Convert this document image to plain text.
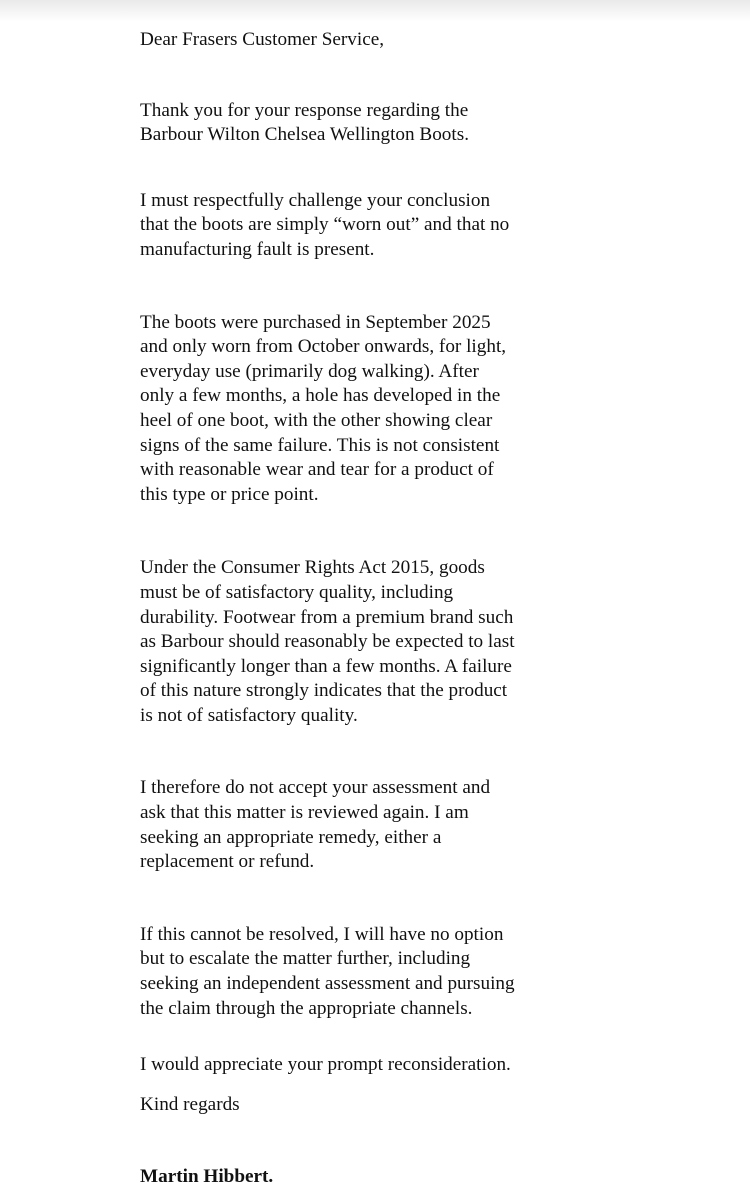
Dear Frasers Customer Service,

Thank you for your response regarding the
Barbour Wilton Chelsea Wellington Boots.

I must respectfully challenge your conclusion
that the boots are simply “worn out” and that no
manufacturing fault is present.

The boots were purchased in September 2025
and only worn from October onwards, for light,
everyday use (primarily dog walking). After
only a few months, a hole has developed in the
heel of one boot, with the other showing clear
signs of the same failure. This is not consistent
with reasonable wear and tear for a product of
this type or price point.

Under the Consumer Rights Act 2015, goods
must be of satisfactory quality, including
durability. Footwear from a premium brand such
as Barbour should reasonably be expected to last
significantly longer than a few months. A failure
of this nature strongly indicates that the product
is not of satisfactory quality.

I therefore do not accept your assessment and
ask that this matter is reviewed again. I am
seeking an appropriate remedy, either a
replacement or refund.

If this cannot be resolved, I will have no option
but to escalate the matter further, including
seeking an independent assessment and pursuing
the claim through the appropriate channels.

I would appreciate your prompt reconsideration.

Kind regards

Martin Hibbert.
